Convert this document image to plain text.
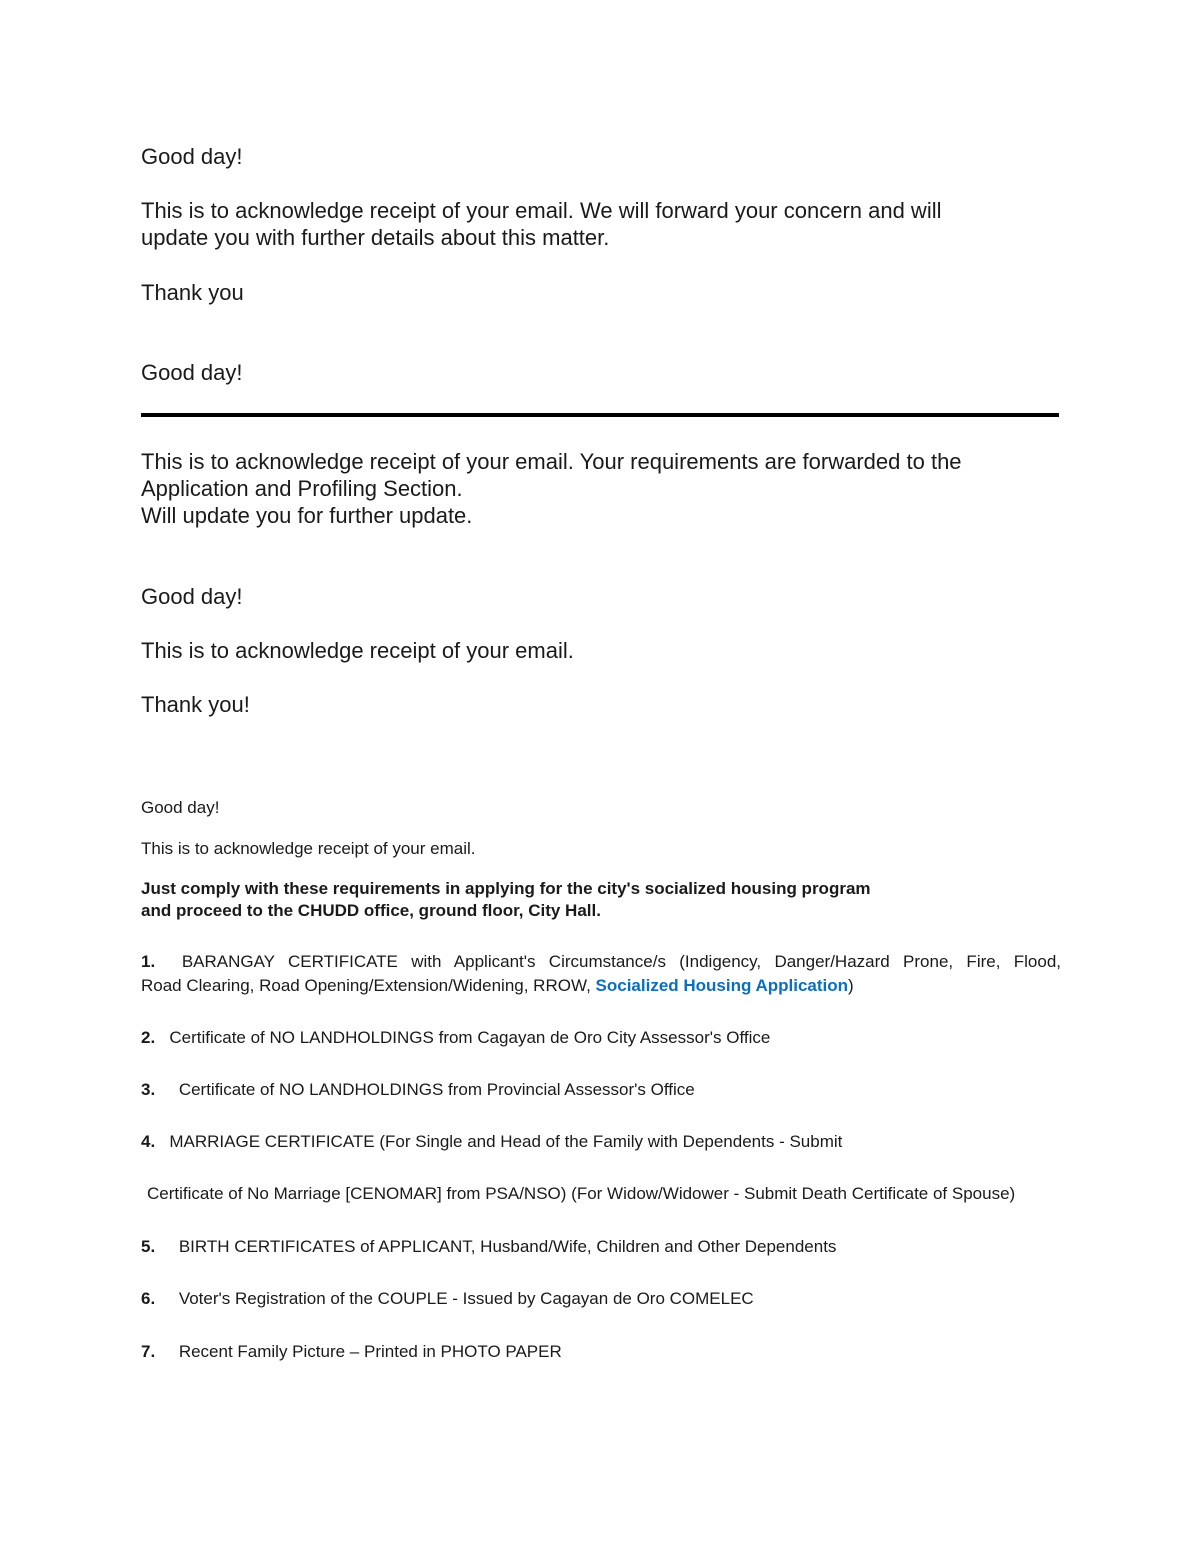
Good day!
This is to acknowledge receipt of your email. We will forward your concern and will
update you with further details about this matter.
Thank you
Good day!
This is to acknowledge receipt of your email. Your requirements are forwarded to the
Application and Profiling Section.
Will update you for further update.
Good day!
This is to acknowledge receipt of your email.
Thank you!
Good day!
This is to acknowledge receipt of your email.
Just comply with these requirements in applying for the city's socialized housing program
and proceed to the CHUDD office, ground floor, City Hall.
1. BARANGAY CERTIFICATE with Applicant's Circumstance/s (Indigency, Danger/Hazard Prone, Fire, Flood,
Road Clearing, Road Opening/Extension/Widening, RROW, Socialized Housing Application)
2. Certificate of NO LANDHOLDINGS from Cagayan de Oro City Assessor's Office
3. Certificate of NO LANDHOLDINGS from Provincial Assessor's Office
4. MARRIAGE CERTIFICATE (For Single and Head of the Family with Dependents - Submit
Certificate of No Marriage [CENOMAR] from PSA/NSO) (For Widow/Widower - Submit Death Certificate of Spouse)
5. BIRTH CERTIFICATES of APPLICANT, Husband/Wife, Children and Other Dependents
6. Voter's Registration of the COUPLE - Issued by Cagayan de Oro COMELEC
7. Recent Family Picture – Printed in PHOTO PAPER
